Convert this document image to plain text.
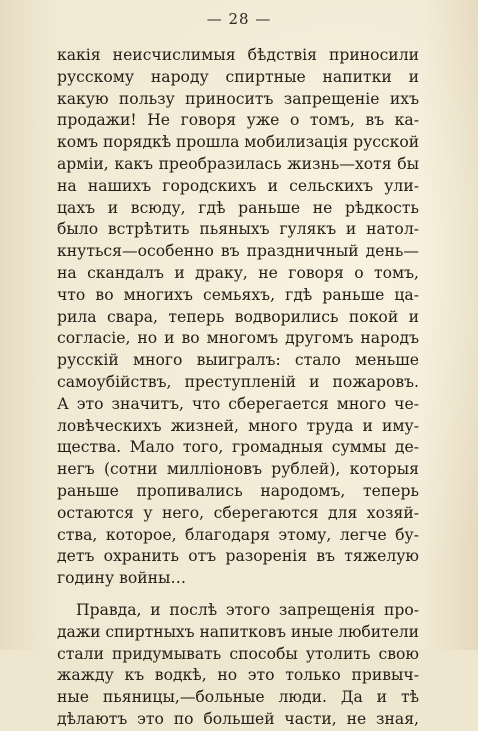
— 28 —
какія неисчислимыя бѣдствія приносили
русскому народу спиртные напитки и
какую пользу приноситъ запрещеніе ихъ
продажи! Не говоря уже о томъ, въ ка-
комъ порядкѣ прошла мобилизація русской
арміи, какъ преобразилась жизнь—хотя бы
на нашихъ городскихъ и сельскихъ ули-
цахъ и всюду, гдѣ раньше не рѣдкость
было встрѣтить пьяныхъ гулякъ и натол-
кнуться—особенно въ праздничный день—
на скандалъ и драку, не говоря о томъ,
что во многихъ семьяхъ, гдѣ раньше ца-
рила свара, теперь водворились покой и
согласіе, но и во многомъ другомъ народъ
русскій много выигралъ: стало меньше
самоубійствъ, преступленій и пожаровъ.
А это значитъ, что сберегается много че-
ловѣческихъ жизней, много труда и иму-
щества. Мало того, громадныя суммы де-
негъ (сотни милліоновъ рублей), которыя
раньше пропивались народомъ, теперь
остаются у него, сберегаются для хозяй-
ства, которое, благодаря этому, легче бу-
детъ охранить отъ разоренія въ тяжелую
годину войны…
Правда, и послѣ этого запрещенія про-
дажи спиртныхъ напитковъ иные любители
стали придумывать способы утолить свою
жажду къ водкѣ, но это только привыч-
ные пьяницы,—больные люди. Да и тѣ
дѣлаютъ это по большей части, не зная,
